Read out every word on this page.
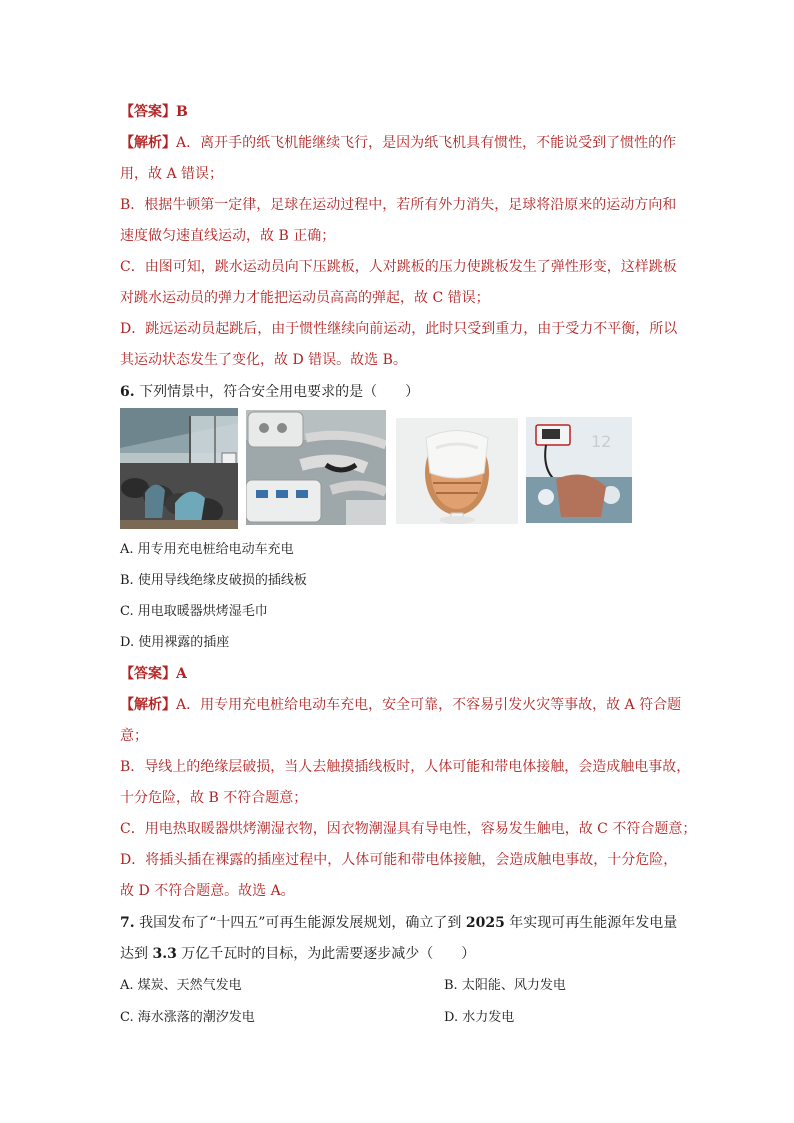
【答案】B
【解析】A．离开手的纸飞机能继续飞行，是因为纸飞机具有惯性，不能说受到了惯性的作
用，故 A 错误；
B．根据牛顿第一定律，足球在运动过程中，若所有外力消失，足球将沿原来的运动方向和
速度做匀速直线运动，故 B 正确；
C．由图可知，跳水运动员向下压跳板，人对跳板的压力使跳板发生了弹性形变，这样跳板
对跳水运动员的弹力才能把运动员高高的弹起，故 C 错误；
D．跳远运动员起跳后，由于惯性继续向前运动，此时只受到重力，由于受力不平衡，所以
其运动状态发生了变化，故 D 错误。故选 B。
6. 下列情景中，符合安全用电要求的是（　　）
12
A. 用专用充电桩给电动车充电
B. 使用导线绝缘皮破损的插线板
C. 用电取暖器烘烤湿毛巾
D. 使用裸露的插座
【答案】A
【解析】A．用专用充电桩给电动车充电，安全可靠，不容易引发火灾等事故，故 A 符合题
意；
B．导线上的绝缘层破损，当人去触摸插线板时，人体可能和带电体接触，会造成触电事故，
十分危险，故 B 不符合题意；
C．用电热取暖器烘烤潮湿衣物，因衣物潮湿具有导电性，容易发生触电，故 C 不符合题意；
D．将插头插在裸露的插座过程中，人体可能和带电体接触，会造成触电事故，十分危险，
故 D 不符合题意。故选 A。
7. 我国发布了“十四五”可再生能源发展规划，确立了到 2025 年实现可再生能源年发电量
达到 3.3 万亿千瓦时的目标，为此需要逐步减少（　　）
A. 煤炭、天然气发电	B. 太阳能、风力发电
C. 海水涨落的潮汐发电	D. 水力发电
